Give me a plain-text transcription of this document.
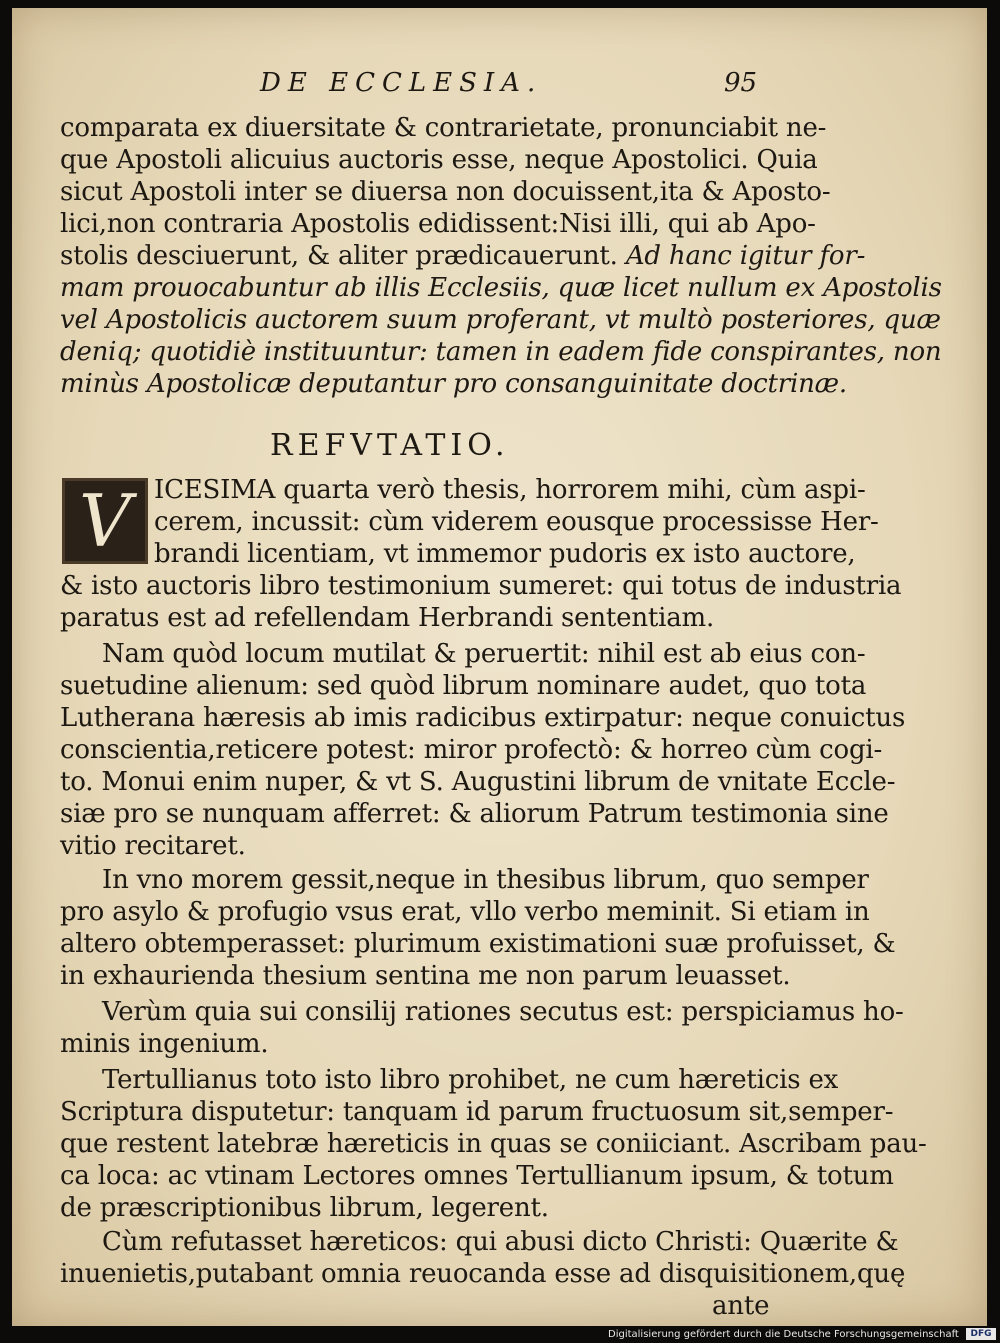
DE ECCLESIA.	95

comparata ex diuersitate & contrarietate, pronunciabit ne-

que Apostoli alicuius auctoris esse, neque Apostolici. Quia

sicut Apostoli inter se diuersa non docuissent,ita & Aposto-

lici,non contraria Apostolis edidissent:Nisi illi, qui ab Apo-

stolis desciuerunt, & aliter prædicauerunt. Ad hanc igitur for-

mam prouocabuntur ab illis Ecclesiis, quæ licet nullum ex Apostolis

vel Apostolicis auctorem suum proferant, vt multò posteriores, quæ

deniq; quotidiè instituuntur: tamen in eadem fide conspirantes, non

minùs Apostolicæ deputantur pro consanguinitate doctrinæ.

REFVTATIO.
V ICESIMA quarta verò thesis, horrorem mihi, cùm aspi-

cerem, incussit: cùm viderem eousque processisse Her-

brandi licentiam, vt immemor pudoris ex isto auctore,

& isto auctoris libro testimonium sumeret: qui totus de industria

paratus est ad refellendam Herbrandi sententiam.

Nam quòd locum mutilat & peruertit: nihil est ab eius con-

suetudine alienum: sed quòd librum nominare audet, quo tota

Lutherana hæresis ab imis radicibus extirpatur: neque conuictus

conscientia,reticere potest: miror profectò: & horreo cùm cogi-

to. Monui enim nuper, & vt S. Augustini librum de vnitate Eccle-

siæ pro se nunquam afferret: & aliorum Patrum testimonia sine

vitio recitaret.

In vno morem gessit,neque in thesibus librum, quo semper

pro asylo & profugio vsus erat, vllo verbo meminit. Si etiam in

altero obtemperasset: plurimum existimationi suæ profuisset, &

in exhaurienda thesium sentina me non parum leuasset.

Verùm quia sui consilij rationes secutus est: perspiciamus ho-

minis ingenium.

Tertullianus toto isto libro prohibet, ne cum hæreticis ex

Scriptura disputetur: tanquam id parum fructuosum sit,semper-

que restent latebræ hæreticis in quas se coniiciant. Ascribam pau-

ca loca: ac vtinam Lectores omnes Tertullianum ipsum, & totum

de præscriptionibus librum, legerent.

Cùm refutasset hæreticos: qui abusi dicto Christi: Quærite &

inuenietis,putabant omnia reuocanda esse ad disquisitionem,quę

ante

Digitalisierung gefördert durch die Deutsche Forschungsgemeinschaft	DFG
